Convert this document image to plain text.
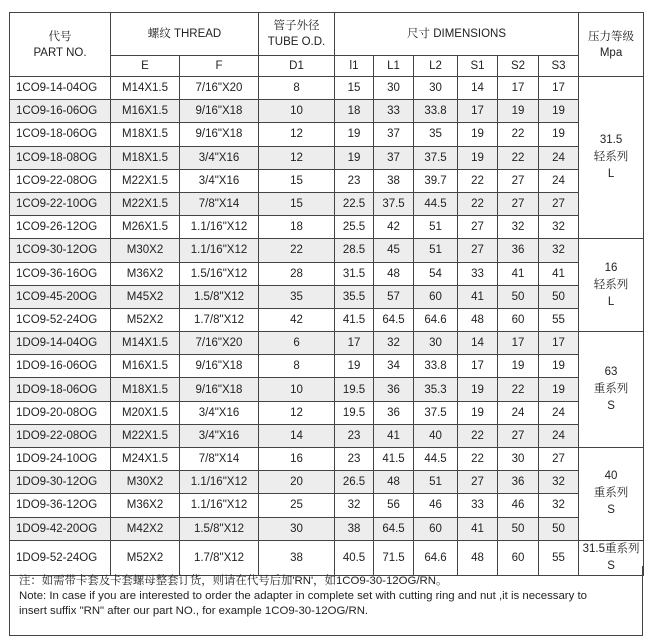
代号
PART NO.	螺纹 THREAD		管子外径
TUBE O.D.	尺寸 DIMENSIONS						压力等级
Mpa
	E	F	D1	l1	L1	L2	S1	S2	S3	
1CO9-14-04OG	M14X1.5	7/16"X20	8	15	30	30	14	17	17	31.5
轻系列
L
1CO9-16-06OG	M16X1.5	9/16"X18	10	18	33	33.8	17	19	19	
1CO9-18-06OG	M18X1.5	9/16"X18	12	19	37	35	19	22	19	
1CO9-18-08OG	M18X1.5	3/4"X16	12	19	37	37.5	19	22	24	
1CO9-22-08OG	M22X1.5	3/4"X16	15	23	38	39.7	22	27	24	
1CO9-22-10OG	M22X1.5	7/8"X14	15	22.5	37.5	44.5	22	27	27	
1CO9-26-12OG	M26X1.5	1.1/16"X12	18	25.5	42	51	27	32	32	
1CO9-30-12OG	M30X2	1.1/16"X12	22	28.5	45	51	27	36	32	16
轻系列
L
1CO9-36-16OG	M36X2	1.5/16"X12	28	31.5	48	54	33	41	41	
1CO9-45-20OG	M45X2	1.5/8"X12	35	35.5	57	60	41	50	50	
1CO9-52-24OG	M52X2	1.7/8"X12	42	41.5	64.5	64.6	48	60	55	
1DO9-14-04OG	M14X1.5	7/16"X20	6	17	32	30	14	17	17	63
重系列
S
1DO9-16-06OG	M16X1.5	9/16"X18	8	19	34	33.8	17	19	19	
1DO9-18-06OG	M18X1.5	9/16"X18	10	19.5	36	35.3	19	22	19	
1DO9-20-08OG	M20X1.5	3/4"X16	12	19.5	36	37.5	19	24	24	
1DO9-22-08OG	M22X1.5	3/4"X16	14	23	41	40	22	27	24	
1DO9-24-10OG	M24X1.5	7/8"X14	16	23	41.5	44.5	22	30	27	40
重系列
S
1DO9-30-12OG	M30X2	1.1/16"X12	20	26.5	48	51	27	36	32	
1DO9-36-12OG	M36X2	1.1/16"X12	25	32	56	46	33	46	32	
1DO9-42-20OG	M42X2	1.5/8"X12	30	38	64.5	60	41	50	50	
1DO9-52-24OG	M52X2	1.7/8"X12	38	40.5	71.5	64.6	48	60	55	31.5重系列S
注：如需带卡套及卡套螺母整套订货，则请在代号后加'RN'，如1CO9-30-12OG/RN。
Note: In case if you are interested to order the adapter in complete set with cutting ring and nut ,it is necessary to
insert suffix "RN" after our part NO., for example 1CO9-30-12OG/RN.
